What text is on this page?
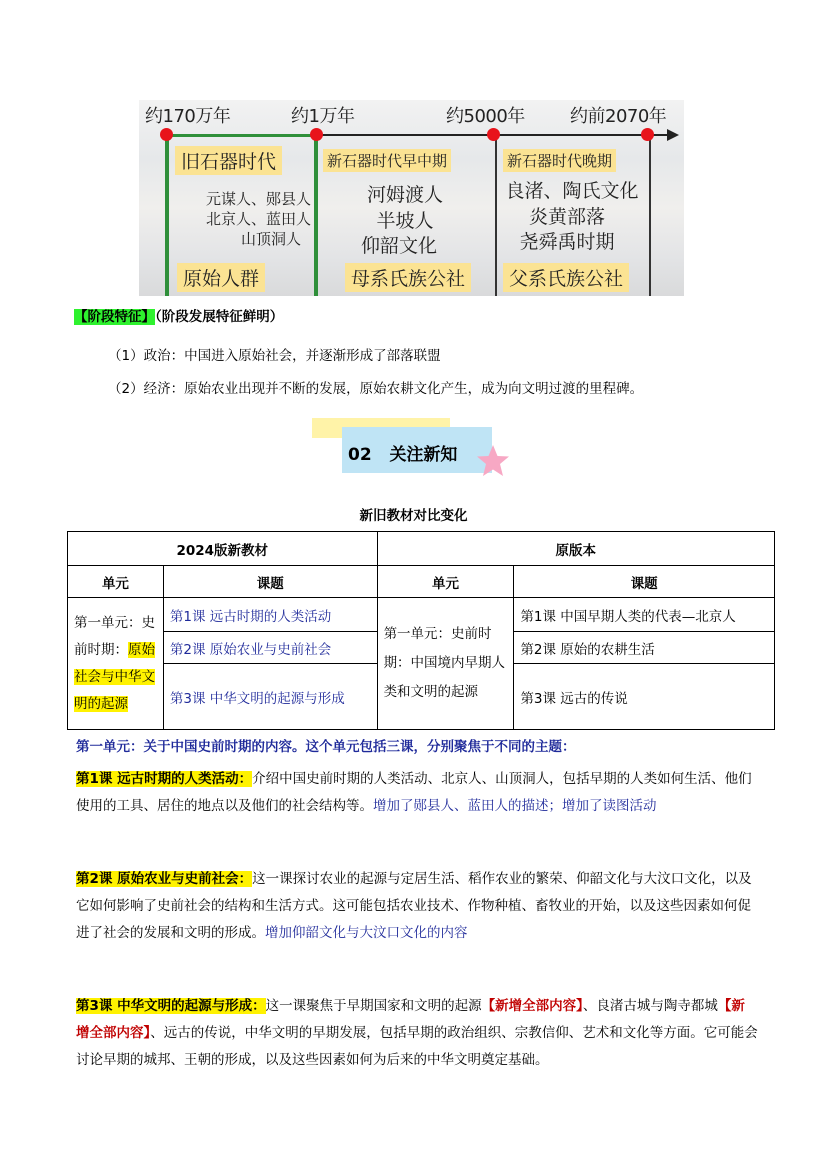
约170万年	约1万年	约5000年	约前2070年
旧石器时代	新石器时代早中期	新石器时代晚期
元谋人、郧县人
北京人、蓝田人
山顶洞人
河姆渡人
半坡人
仰韶文化
良渚、陶氏文化
炎黄部落
尧舜禹时期
原始人群	母系氏族公社	父系氏族公社
【阶段特征】（阶段发展特征鲜明）
（1）政治：中国进入原始社会，并逐渐形成了部落联盟
（2）经济：原始农业出现并不断的发展，原始农耕文化产生，成为向文明过渡的里程碑。
02 关注新知
新旧教材对比变化
2024版新教材		原版本	
单元	课题	单元	课题
第一单元：史前时期：原始社会与中华文明的起源	第1课 远古时期的人类活动	第一单元：史前时期：中国境内早期人类和文明的起源	第1课 中国早期人类的代表—北京人
	第2课 原始农业与史前社会		第2课 原始的农耕生活
	第3课 中华文明的起源与形成		第3课 远古的传说
第一单元：关于中国史前时期的内容。这个单元包括三课，分别聚焦于不同的主题：
第1课 远古时期的人类活动：介绍中国史前时期的人类活动、北京人、山顶洞人，包括早期的人类如何生活、他们使用的工具、居住的地点以及他们的社会结构等。增加了郧县人、蓝田人的描述；增加了读图活动
第2课 原始农业与史前社会：这一课探讨农业的起源与定居生活、稻作农业的繁荣、仰韶文化与大汶口文化，以及它如何影响了史前社会的结构和生活方式。这可能包括农业技术、作物种植、畜牧业的开始，以及这些因素如何促进了社会的发展和文明的形成。增加仰韶文化与大汶口文化的内容
第3课 中华文明的起源与形成：这一课聚焦于早期国家和文明的起源【新增全部内容】、良渚古城与陶寺都城【新增全部内容】、远古的传说，中华文明的早期发展，包括早期的政治组织、宗教信仰、艺术和文化等方面。它可能会讨论早期的城邦、王朝的形成，以及这些因素如何为后来的中华文明奠定基础。
